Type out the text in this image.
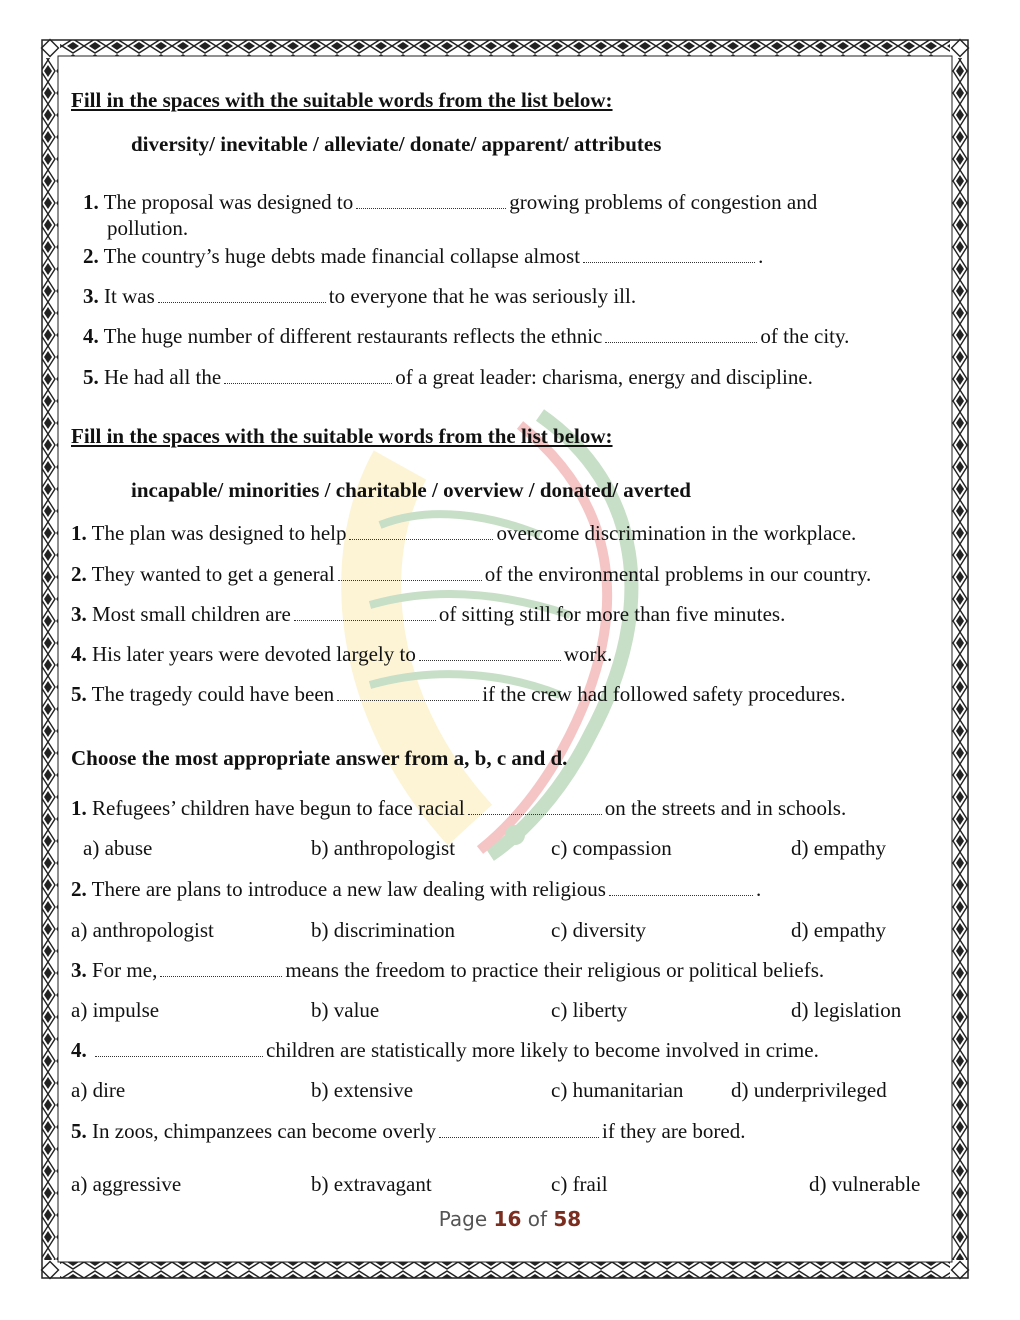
Fill in the spaces with the suitable words from the list below:
diversity/ inevitable / alleviate/ donate/ apparent/ attributes
1. The proposal was designed to	growing problems of congestion and
pollution.
2. The country’s huge debts made financial collapse almost	.
3. It was	to everyone that he was seriously ill.
4. The huge number of different restaurants reflects the ethnic	of the city.
5. He had all the	of a great leader: charisma, energy and discipline.
Fill in the spaces with the suitable words from the list below:
incapable/ minorities / charitable / overview / donated/ averted
1. The plan was designed to help	overcome discrimination in the workplace.
2. They wanted to get a general	of the environmental problems in our country.
3. Most small children are	of sitting still for more than five minutes.
4. His later years were devoted largely to	work.
5. The tragedy could have been	if the crew had followed safety procedures.
Choose the most appropriate answer from a, b, c and d.
1. Refugees’ children have begun to face racial	on the streets and in schools.
a) abuse	b) anthropologist	c) compassion	d) empathy
2. There are plans to introduce a new law dealing with religious	.
a) anthropologist	b) discrimination	c) diversity	d) empathy
3. For me,	means the freedom to practice their religious or political beliefs.
a) impulse	b) value	c) liberty	d) legislation
4.	children are statistically more likely to become involved in crime.
a) dire	b) extensive	c) humanitarian d) underprivileged
5. In zoos, chimpanzees can become overly	if they are bored.
a) aggressive	b) extravagant	c) frail	d) vulnerable
Page 16 of 58
